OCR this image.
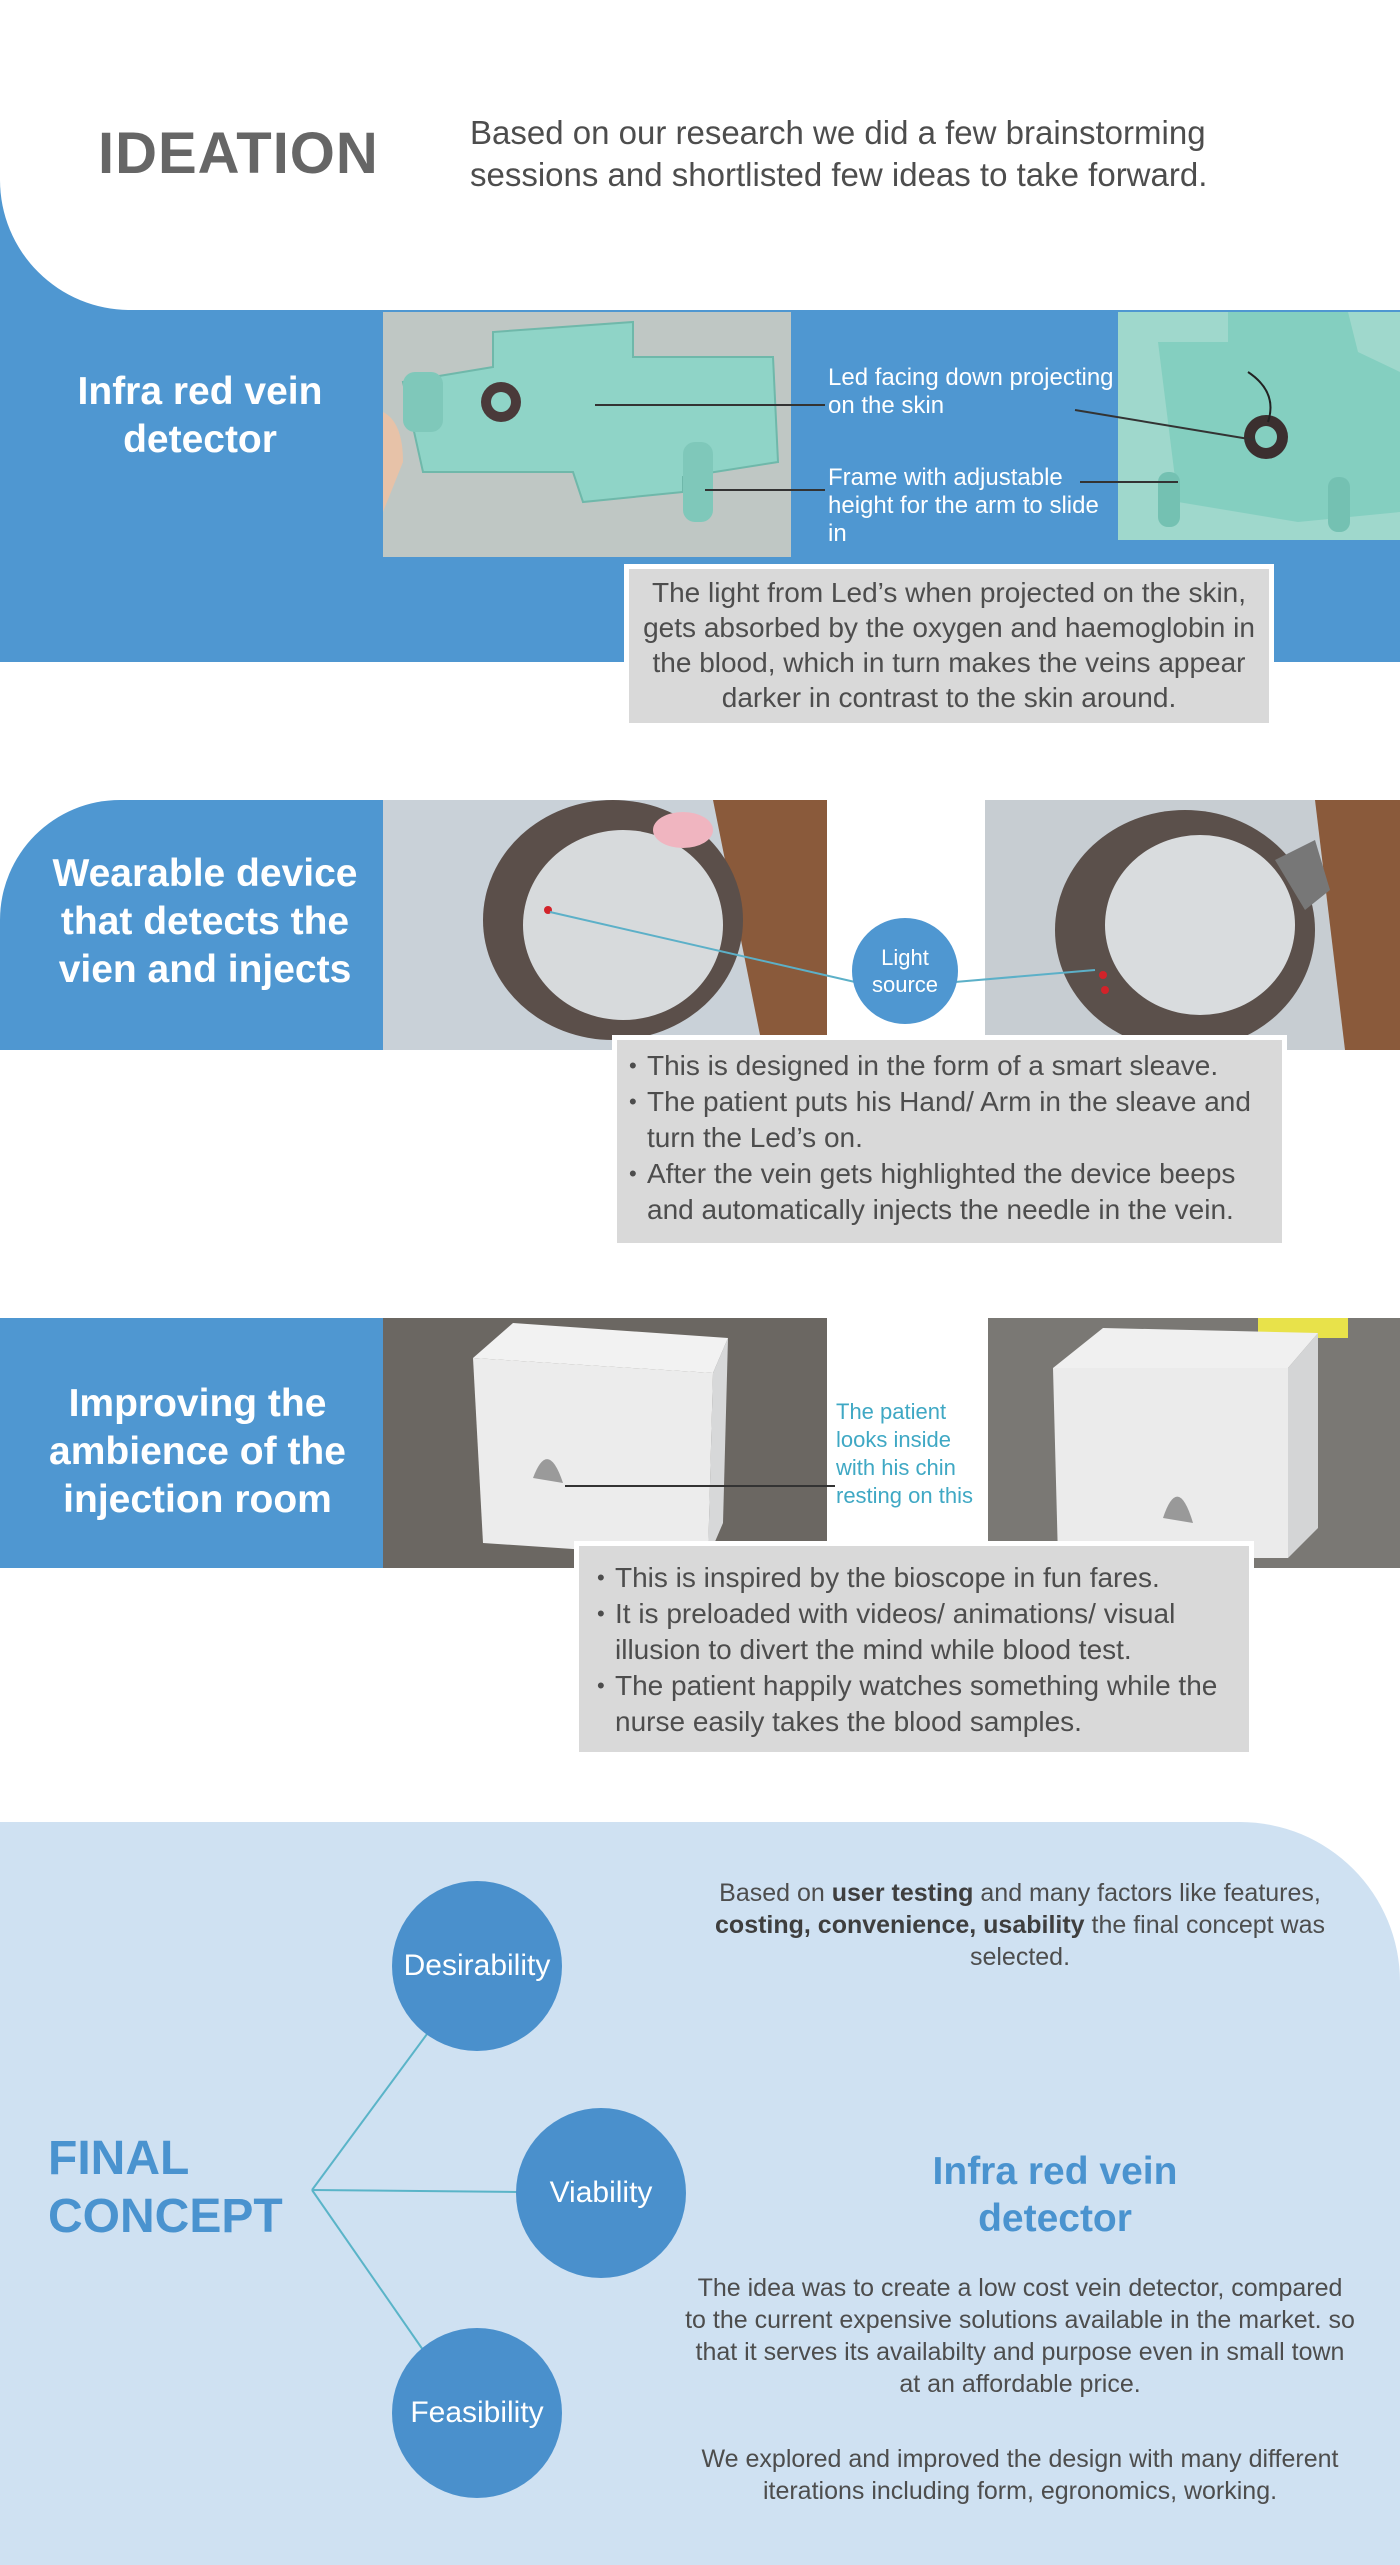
IDEATION	Based on our research we did a few brainstorming sessions and shortlisted few ideas to take forward.
Infra red vein detector
Led facing down projecting on the skin
Frame with adjustable height for the arm to slide in
The light from Led’s when projected on the skin, gets absorbed by the oxygen and haemoglobin in the blood, which in turn makes the veins appear darker in contrast to the skin around.
Wearable device that detects the vien and injects	Light source
• This is designed in the form of a smart sleave.
• The patient puts his Hand/ Arm in the sleave and turn the Led’s on.
• After the vein gets highlighted the device beeps and automatically injects the needle in the vein.
Improving the ambience of the injection room
The patient looks inside with his chin resting on this
• This is inspired by the bioscope in fun fares.
• It is preloaded with videos/ animations/ visual illusion to divert the mind while blood test.
• The patient happily watches something while the nurse easily takes the blood samples.
FINAL
CONCEPT
Desirability
Viability
Feasibility
Based on user testing and many factors like features, costing, convenience, usability the final concept was selected.
Infra red vein detector
The idea was to create a low cost vein detector, compared to the current expensive solutions available in the market. so that it serves its availabilty and purpose even in small town at an affordable price.
We explored and improved the design with many different iterations including form, egronomics, working.
